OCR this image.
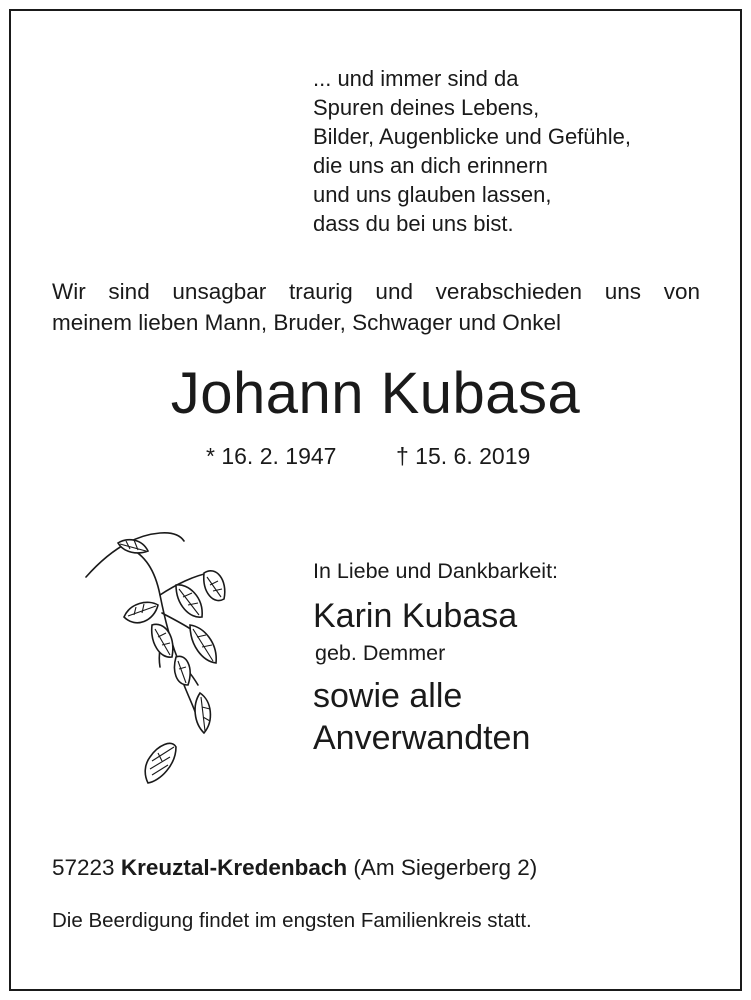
... und immer sind da
Spuren deines Lebens,
Bilder, Augenblicke und Gefühle,
die uns an dich erinnern
und uns glauben lassen,
dass du bei uns bist.
Wir sind unsagbar traurig und verabschieden uns von
meinem lieben Mann, Bruder, Schwager und Onkel
Johann Kubasa
* 16. 2. 1947	† 15. 6. 2019
In Liebe und Dankbarkeit:
Karin Kubasa
geb. Demmer
sowie alle
Anverwandten
57223 Kreuztal-Kredenbach (Am Siegerberg 2)
Die Beerdigung findet im engsten Familienkreis statt.
